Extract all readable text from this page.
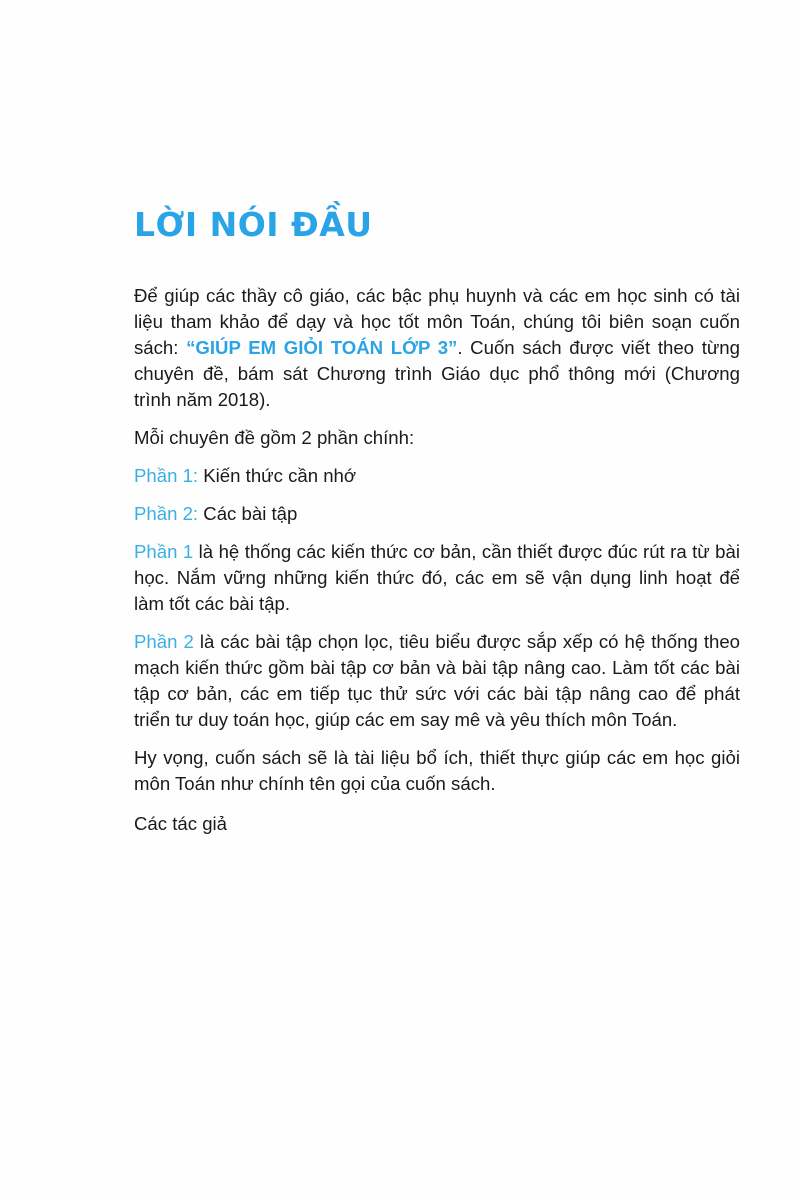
LỜI NÓI ĐẦU

Để giúp các thầy cô giáo, các bậc phụ huynh và các em học sinh có tài liệu tham khảo để dạy và học tốt môn Toán, chúng tôi biên soạn cuốn sách: “GIÚP EM GIỎI TOÁN LỚP 3”. Cuốn sách được viết theo từng chuyên đề, bám sát Chương trình Giáo dục phổ thông mới (Chương trình năm 2018).

Mỗi chuyên đề gồm 2 phần chính:

Phần 1: Kiến thức cần nhớ

Phần 2: Các bài tập

Phần 1 là hệ thống các kiến thức cơ bản, cần thiết được đúc rút ra từ bài học. Nắm vững những kiến thức đó, các em sẽ vận dụng linh hoạt để làm tốt các bài tập.

Phần 2 là các bài tập chọn lọc, tiêu biểu được sắp xếp có hệ thống theo mạch kiến thức gồm bài tập cơ bản và bài tập nâng cao. Làm tốt các bài tập cơ bản, các em tiếp tục thử sức với các bài tập nâng cao để phát triển tư duy toán học, giúp các em say mê và yêu thích môn Toán.

Hy vọng, cuốn sách sẽ là tài liệu bổ ích, thiết thực giúp các em học giỏi môn Toán như chính tên gọi của cuốn sách.

Các tác giả
